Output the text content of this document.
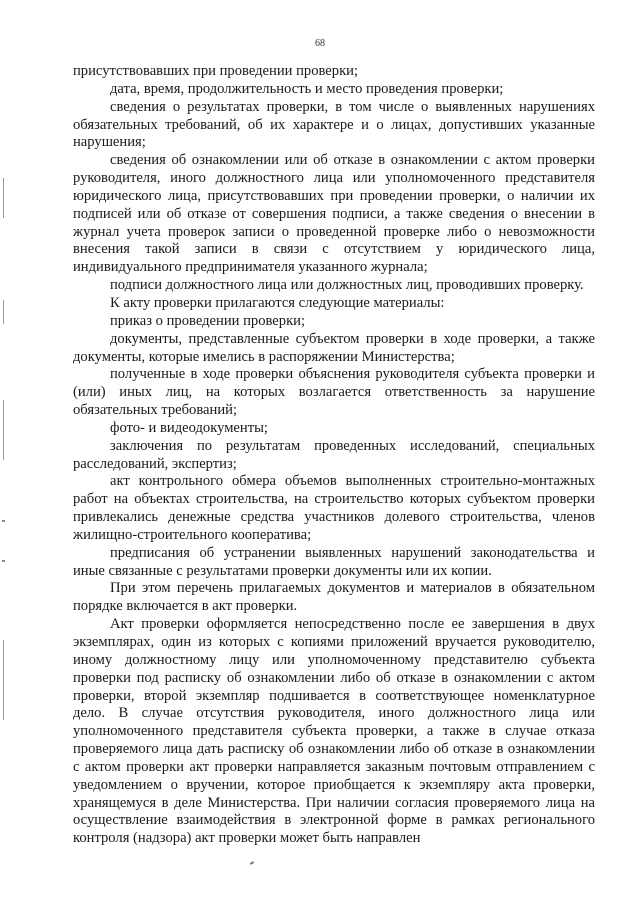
68

присутствовавших при проведении проверки;

дата, время, продолжительность и место проведения проверки;

сведения о результатах проверки, в том числе о выявленных нарушениях обязательных требований, об их характере и о лицах, допустивших указанные нарушения;

сведения об ознакомлении или об отказе в ознакомлении с актом проверки руководителя, иного должностного лица или уполномоченного представителя юридического лица, присутствовавших при проведении проверки, о наличии их подписей или об отказе от совершения подписи, а также сведения о внесении в журнал учета проверок записи о проведенной проверке либо о невозможности внесения такой записи в связи с отсутствием у юридического лица, индивидуального предпринимателя указанного журнала;

подписи должностного лица или должностных лиц, проводивших проверку.

К акту проверки прилагаются следующие материалы:

приказ о проведении проверки;

документы, представленные субъектом проверки в ходе проверки, а также документы, которые имелись в распоряжении Министерства;

полученные в ходе проверки объяснения руководителя субъекта проверки и (или) иных лиц, на которых возлагается ответственность за нарушение обязательных требований;

фото- и видеодокументы;

заключения по результатам проведенных исследований, специальных расследований, экспертиз;

акт контрольного обмера объемов выполненных строительно-монтажных работ на объектах строительства, на строительство которых субъектом проверки привлекались денежные средства участников долевого строительства, членов жилищно-строительного кооператива;

предписания об устранении выявленных нарушений законодательства и иные связанные с результатами проверки документы или их копии.

При этом перечень прилагаемых документов и материалов в обязательном порядке включается в акт проверки.

Акт проверки оформляется непосредственно после ее завершения в двух экземплярах, один из которых с копиями приложений вручается руководителю, иному должностному лицу или уполномоченному представителю субъекта проверки под расписку об ознакомлении либо об отказе в ознакомлении с актом проверки, второй экземпляр подшивается в соответствующее номенклатурное дело. В случае отсутствия руководителя, иного должностного лица или уполномоченного представителя субъекта проверки, а также в случае отказа проверяемого лица дать расписку об ознакомлении либо об отказе в ознакомлении с актом проверки акт проверки направляется заказным почтовым отправлением с уведомлением о вручении, которое приобщается к экземпляру акта проверки, хранящемуся в деле Министерства. При наличии согласия проверяемого лица на осуществление взаимодействия в электронной форме в рамках регионального контроля (надзора) акт проверки может быть направлен
